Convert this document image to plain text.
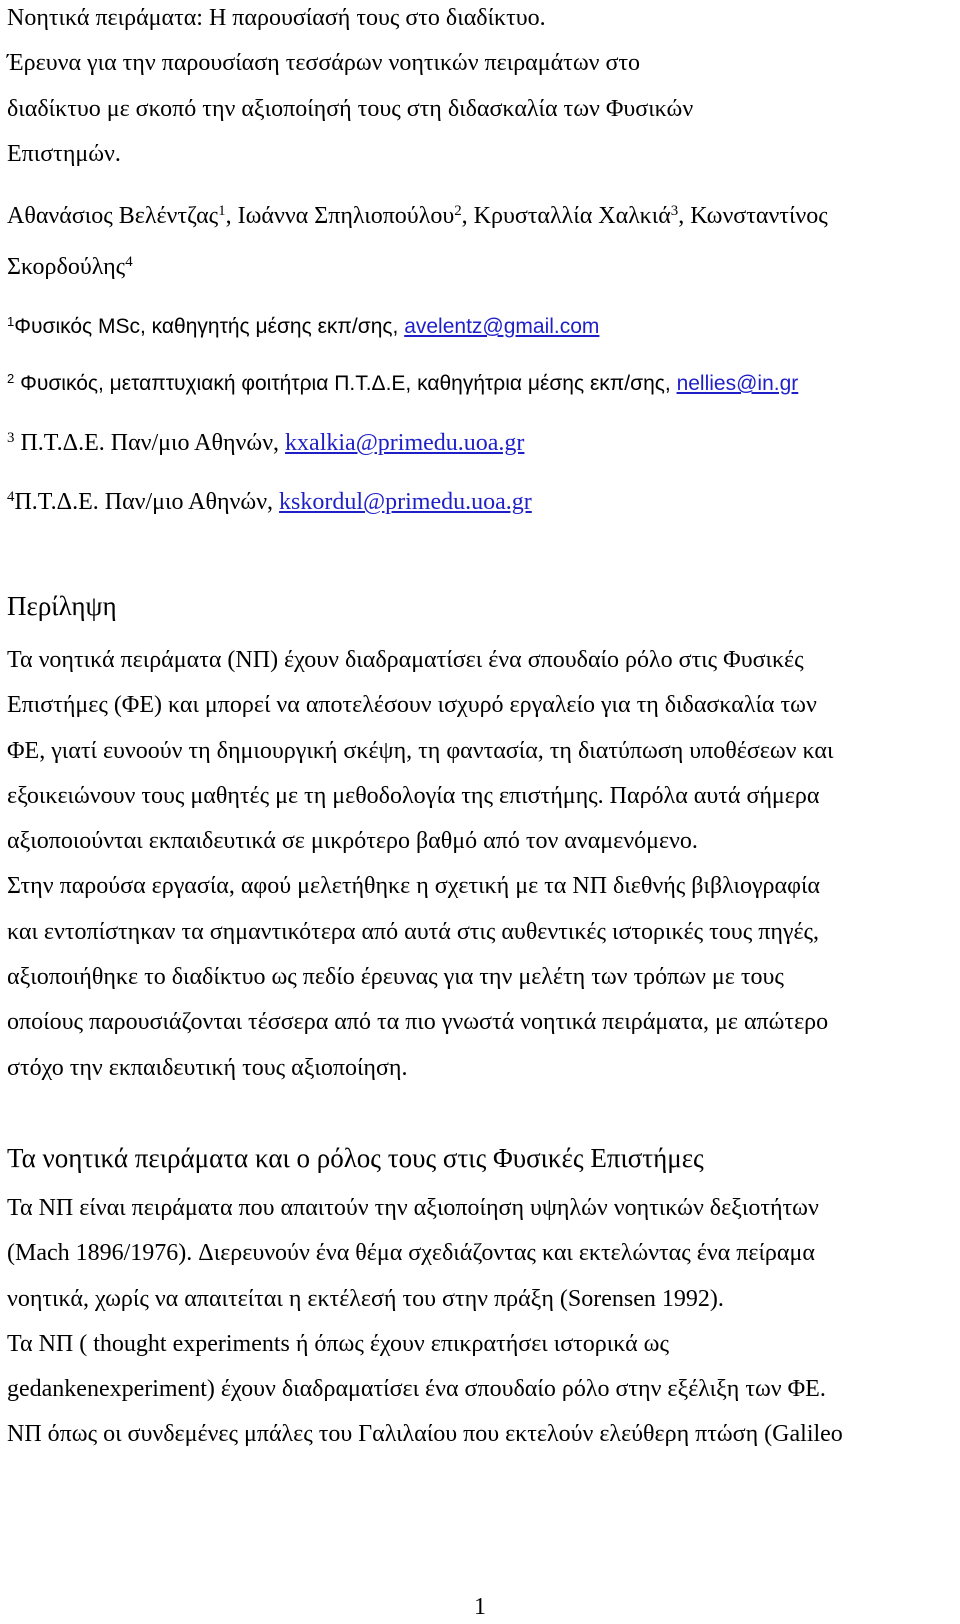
Νοητικά πειράματα: Η παρουσίασή τους στο διαδίκτυο.
Έρευνα για την παρουσίαση τεσσάρων νοητικών πειραμάτων στο
διαδίκτυο με σκοπό την αξιοποίησή τους στη διδασκαλία των Φυσικών
Επιστημών.
Αθανάσιος Βελέντζας$^1$, Ιωάννα Σπηλιοπούλου$^2$, Κρυσταλλία Χαλκιά$^3$, Κωνσταντίνος
Σκορδούλης$^4$
$^1$Φυσικός MSc, καθηγητής μέσης εκπ/σης, avelentz@gmail.com
$^2$ Φυσικός, μεταπτυχιακή φοιτήτρια Π.Τ.Δ.Ε, καθηγήτρια μέσης εκπ/σης, nellies@in.gr
$^3$ Π.Τ.Δ.Ε. Παν/μιο Αθηνών, kxalkia@primedu.uoa.gr
$^4$Π.Τ.Δ.Ε. Παν/μιο Αθηνών, kskordul@primedu.uoa.gr
Περίληψη
Τα νοητικά πειράματα (ΝΠ) έχουν διαδραματίσει ένα σπουδαίο ρόλο στις Φυσικές
Επιστήμες (ΦΕ) και μπορεί να αποτελέσουν ισχυρό εργαλείο για τη διδασκαλία των
ΦΕ, γιατί ευνοούν τη δημιουργική σκέψη, τη φαντασία, τη διατύπωση υποθέσεων και
εξοικειώνουν τους μαθητές με τη μεθοδολογία της επιστήμης. Παρόλα αυτά σήμερα
αξιοποιούνται εκπαιδευτικά σε μικρότερο βαθμό από τον αναμενόμενο.
Στην παρούσα εργασία, αφού μελετήθηκε η σχετική με τα ΝΠ διεθνής βιβλιογραφία
και εντοπίστηκαν τα σημαντικότερα από αυτά στις αυθεντικές ιστορικές τους πηγές,
αξιοποιήθηκε το διαδίκτυο ως πεδίο έρευνας για την μελέτη των τρόπων με τους
οποίους παρουσιάζονται τέσσερα από τα πιο γνωστά νοητικά πειράματα, με απώτερο
στόχο την εκπαιδευτική τους αξιοποίηση.
Τα νοητικά πειράματα και ο ρόλος τους στις Φυσικές Επιστήμες
Τα ΝΠ είναι πειράματα που απαιτούν την αξιοποίηση υψηλών νοητικών δεξιοτήτων
(Mach 1896/1976). Διερευνούν ένα θέμα σχεδιάζοντας και εκτελώντας ένα πείραμα
νοητικά, χωρίς να απαιτείται η εκτέλεσή του στην πράξη (Sorensen 1992).
Τα ΝΠ ( thought experiments ή όπως έχουν επικρατήσει ιστορικά ως
gedankenexperiment) έχουν διαδραματίσει ένα σπουδαίο ρόλο στην εξέλιξη των ΦΕ.
ΝΠ όπως οι συνδεμένες μπάλες του Γαλιλαίου που εκτελούν ελεύθερη πτώση (Galileo
1
